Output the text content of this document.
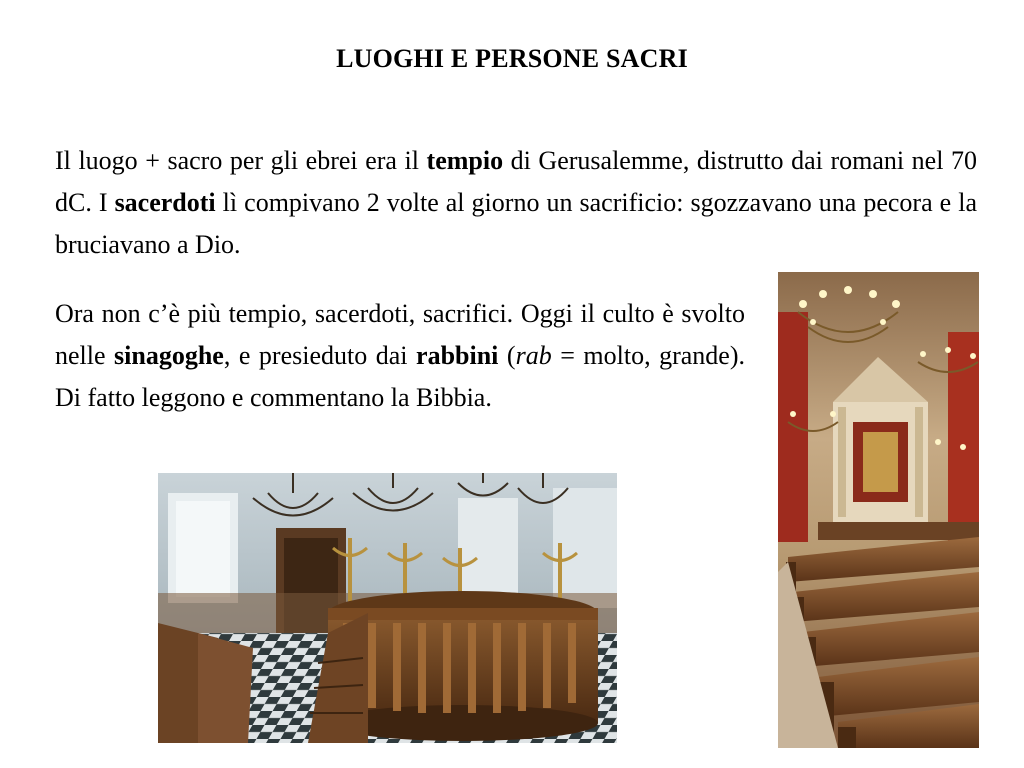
LUOGHI E PERSONE SACRI
Il luogo + sacro per gli ebrei era il tempio di Gerusalemme, distrutto dai romani nel 70 dC. I sacerdoti lì compivano 2 volte al giorno un sacrificio: sgozzavano una pecora e la bruciavano a Dio.
Ora non c’è più tempio, sacerdoti, sacrifici. Oggi il culto è svolto nelle sinagoghe, e presieduto dai rabbini (rab = molto, grande). Di fatto leggono e commentano la Bibbia.
